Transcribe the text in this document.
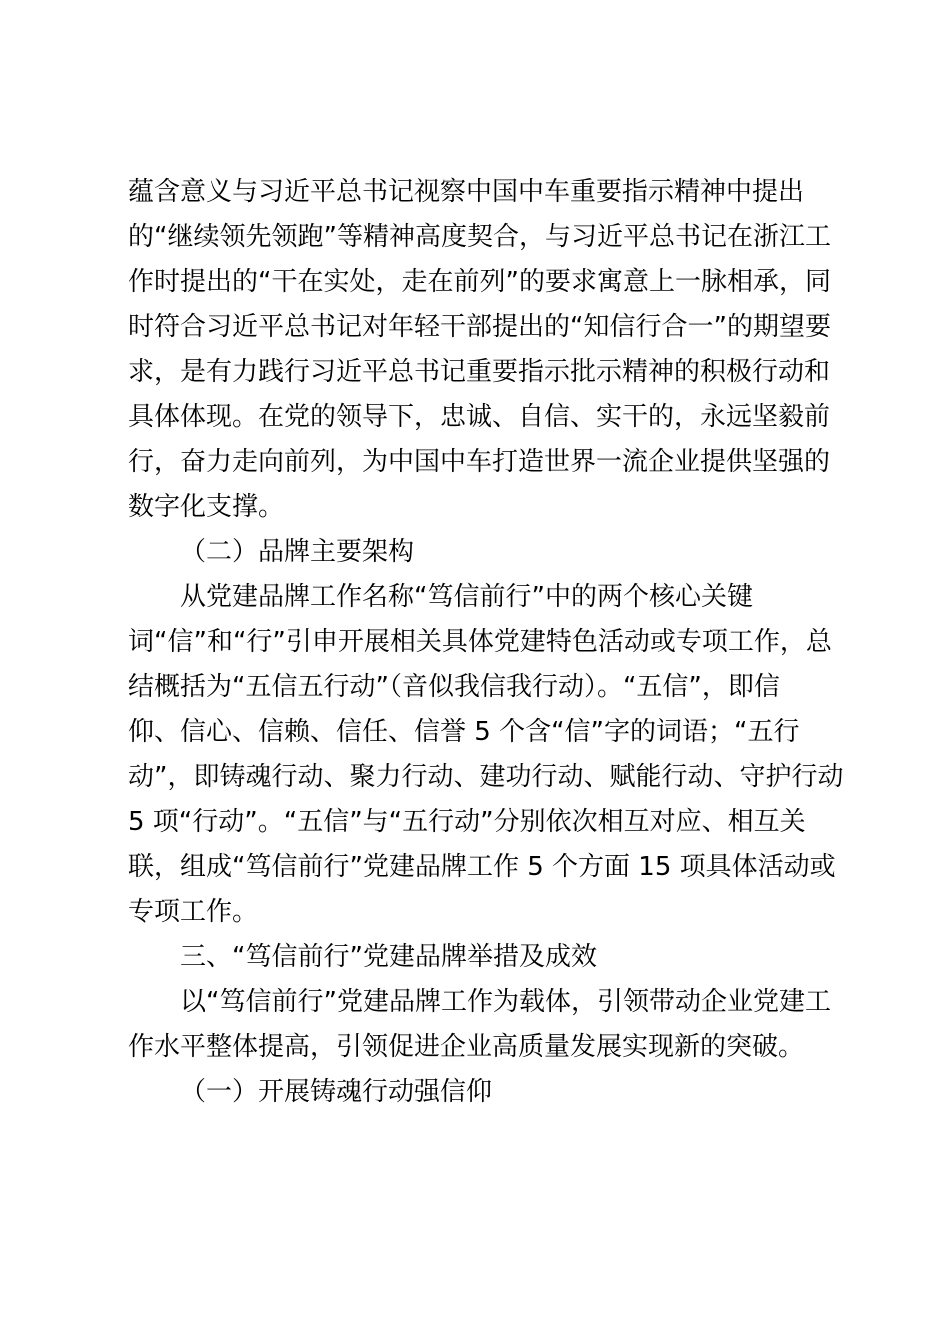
蕴含意义与习近平总书记视察中国中车重要指示精神中提出
的“继续领先领跑”等精神高度契合，与习近平总书记在浙江工
作时提出的“干在实处，走在前列”的要求寓意上一脉相承，同
时符合习近平总书记对年轻干部提出的“知信行合一”的期望要
求，是有力践行习近平总书记重要指示批示精神的积极行动和
具体体现。在党的领导下，忠诚、自信、实干的，永远坚毅前
行，奋力走向前列，为中国中车打造世界一流企业提供坚强的
数字化支撑。
（二）品牌主要架构
从党建品牌工作名称“笃信前行”中的两个核心关键
词“信”和“行”引申开展相关具体党建特色活动或专项工作，总
结概括为“五信五行动”（音似我信我行动）。“五信”，即信
仰、信心、信赖、信任、信誉 5 个含“信”字的词语；“五行
动”，即铸魂行动、聚力行动、建功行动、赋能行动、守护行动
5 项“行动”。“五信”与“五行动”分别依次相互对应、相互关
联，组成“笃信前行”党建品牌工作 5 个方面 15 项具体活动或
专项工作。
三、“笃信前行”党建品牌举措及成效
以“笃信前行”党建品牌工作为载体，引领带动企业党建工
作水平整体提高，引领促进企业高质量发展实现新的突破。
（一）开展铸魂行动强信仰
